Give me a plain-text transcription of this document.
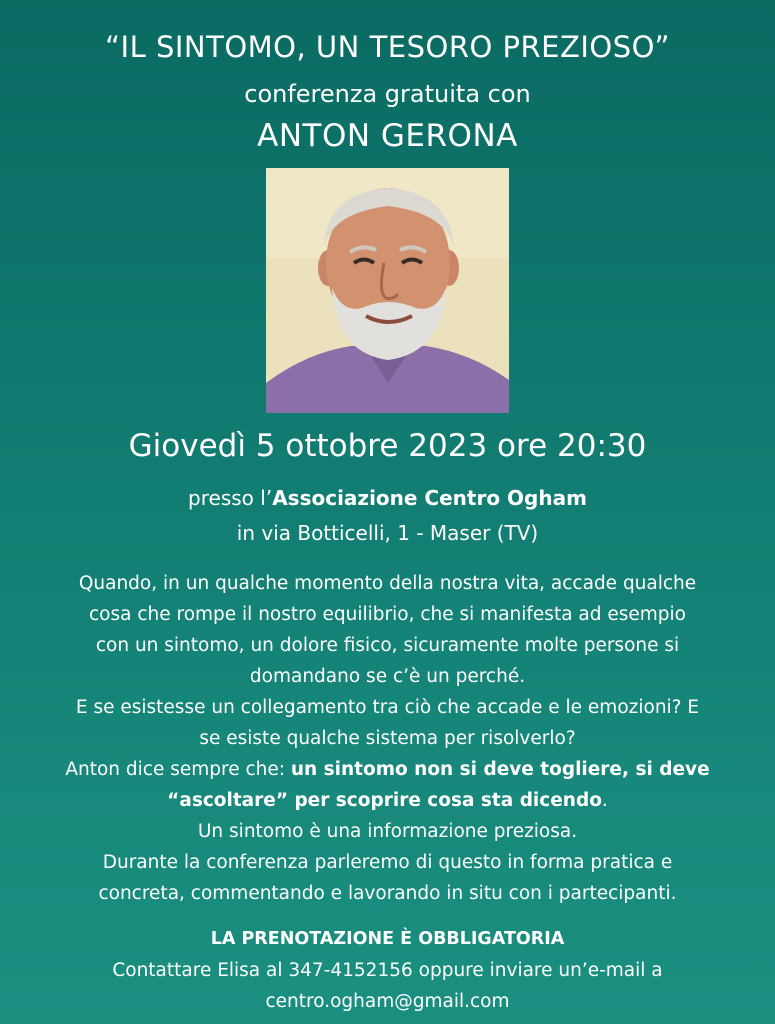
“IL SINTOMO, UN TESORO PREZIOSO”
conferenza gratuita con
ANTON GERONA
Giovedì 5 ottobre 2023 ore 20:30
presso l’Associazione Centro Ogham
in via Botticelli, 1 - Maser (TV)

Quando, in un qualche momento della nostra vita, accade qualche

cosa che rompe il nostro equilibrio, che si manifesta ad esempio

con un sintomo, un dolore fisico, sicuramente molte persone si

domandano se c’è un perché.

E se esistesse un collegamento tra ciò che accade e le emozioni? E

se esiste qualche sistema per risolverlo?

Anton dice sempre che: un sintomo non si deve togliere, si deve

“ascoltare” per scoprire cosa sta dicendo.

Un sintomo è una informazione preziosa.

Durante la conferenza parleremo di questo in forma pratica e

concreta, commentando e lavorando in situ con i partecipanti.

LA PRENOTAZIONE È OBBLIGATORIA
Contattare Elisa al 347-4152156 oppure inviare un’e-mail a
centro.ogham@gmail.com
